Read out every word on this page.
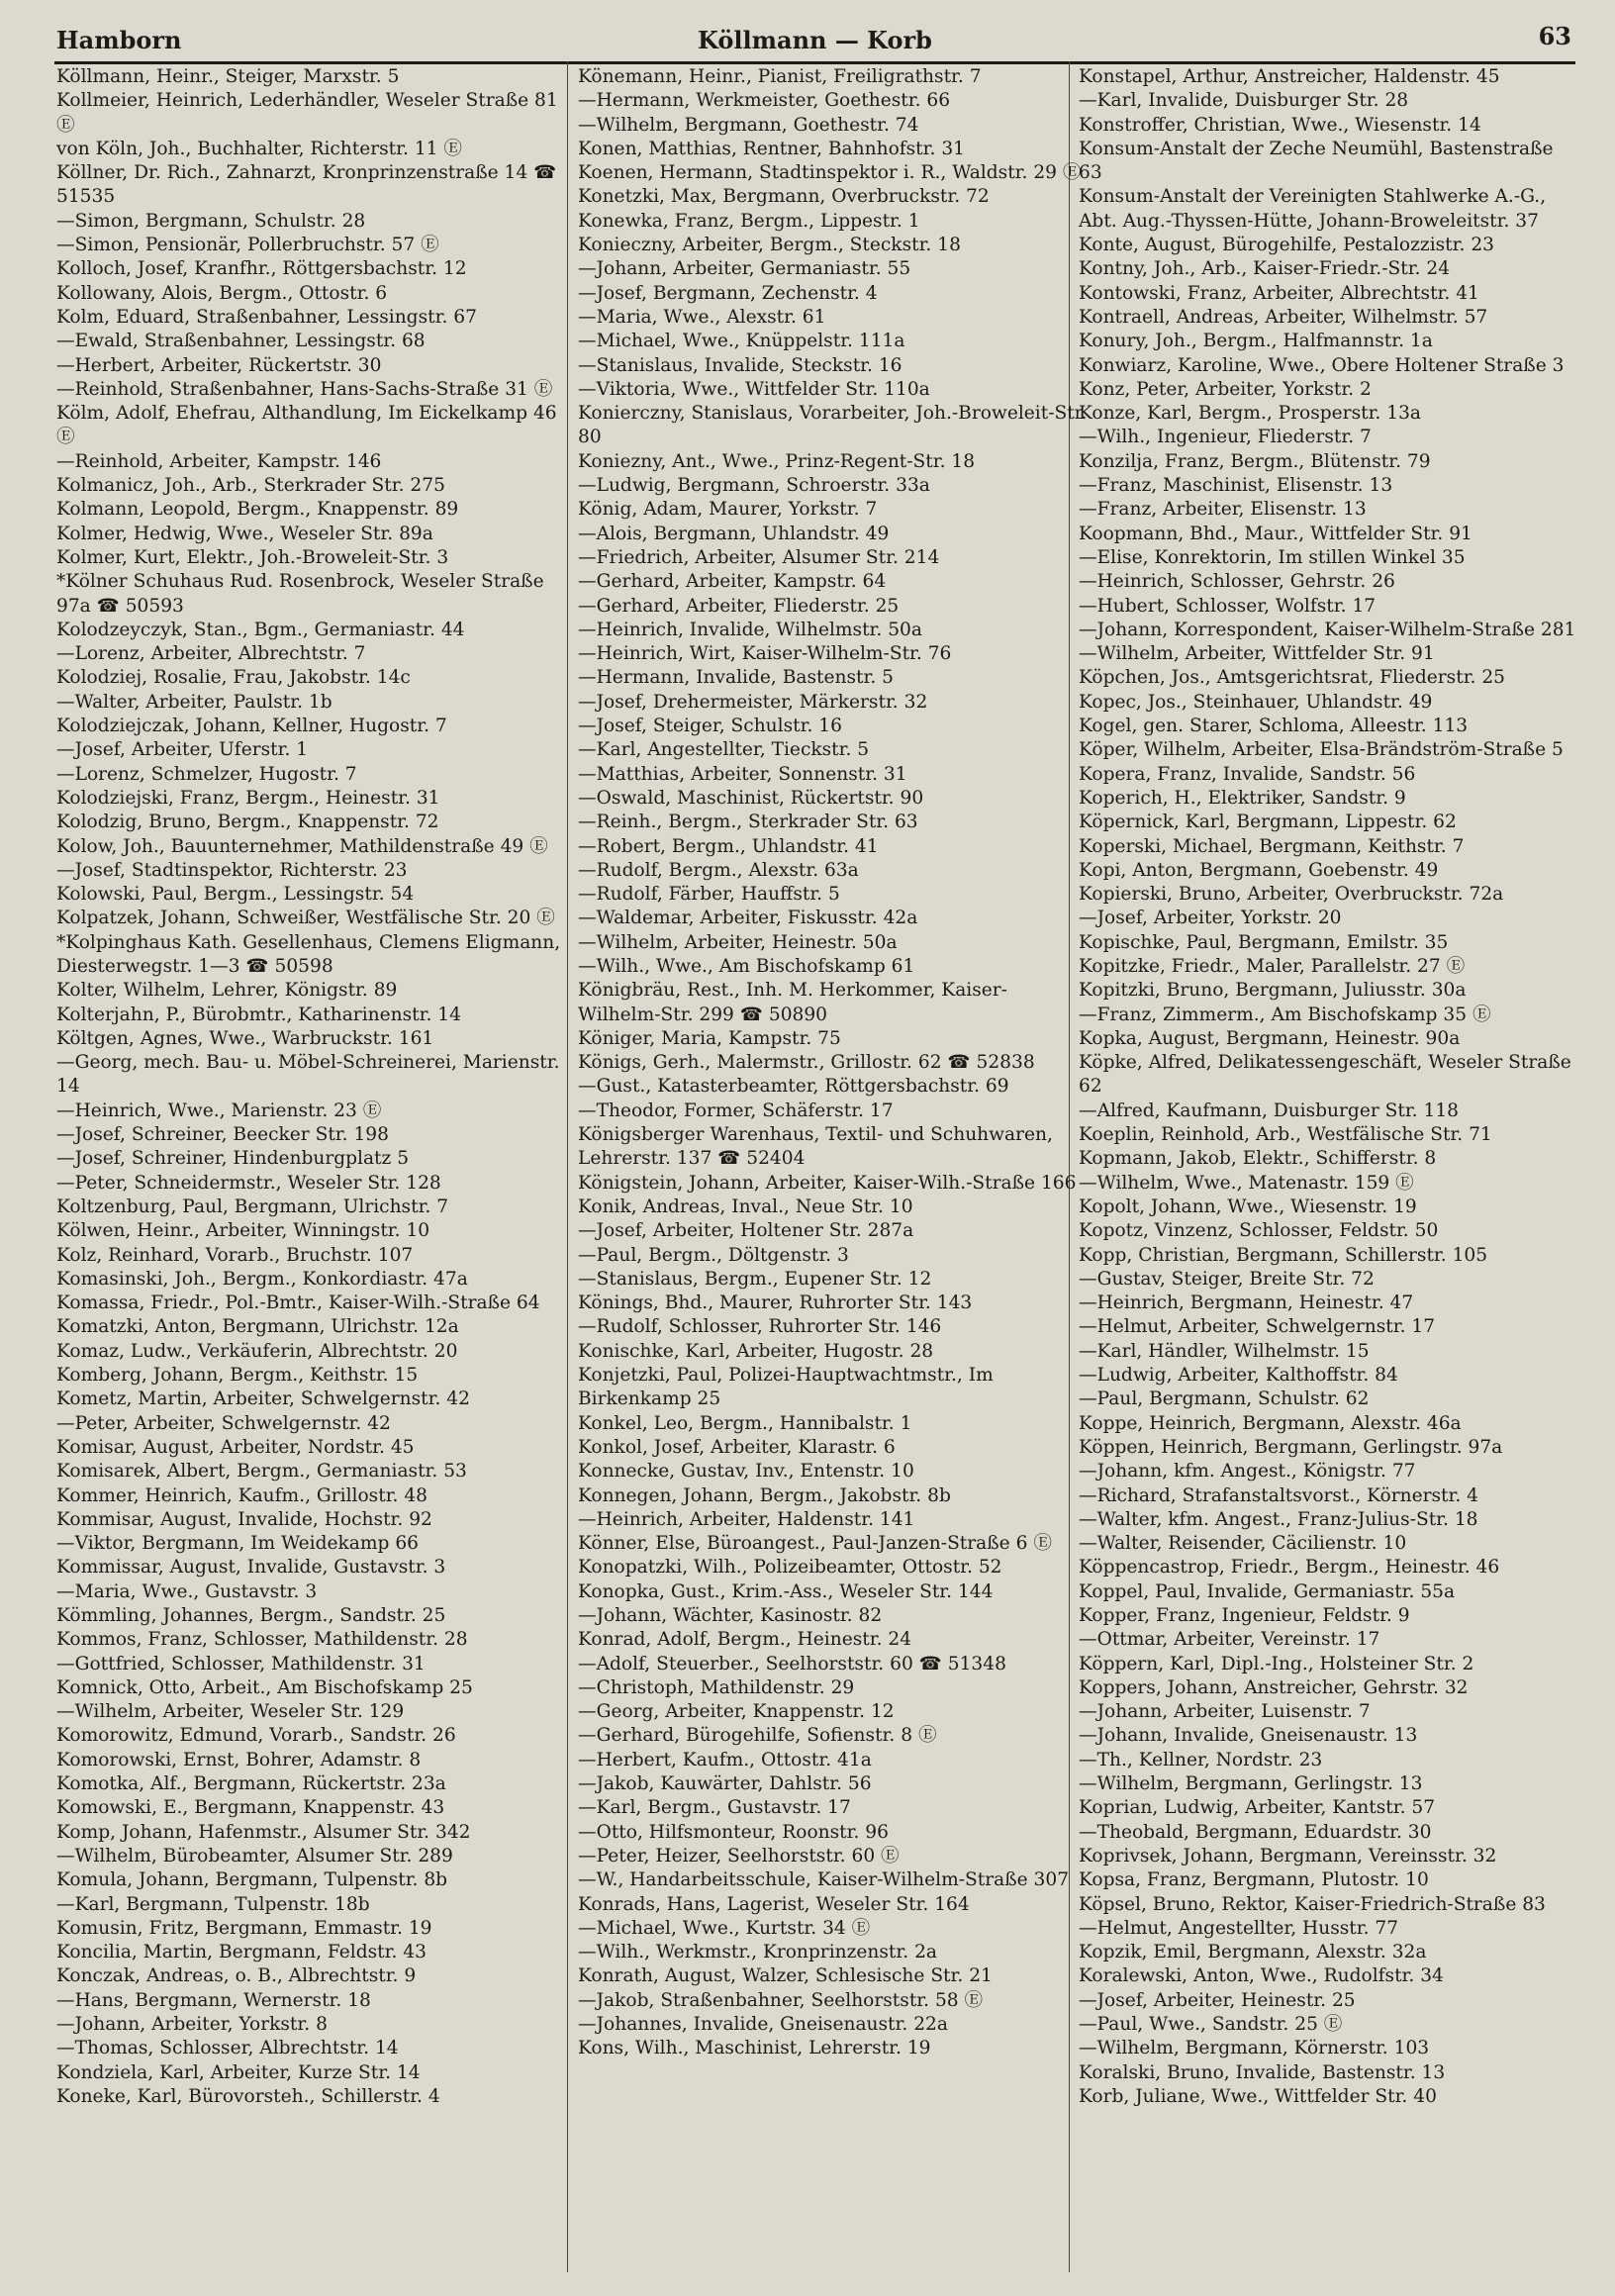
Hamborn	Köllmann — Korb	63
Köllmann, Heinr., Steiger, Marxstr. 5
Kollmeier, Heinrich, Lederhändler, Weseler Straße 81 Ⓔ
von Köln, Joh., Buchhalter, Richterstr. 11 Ⓔ
Köllner, Dr. Rich., Zahnarzt, Kronprinzenstraße 14 ☎ 51535
—Simon, Bergmann, Schulstr. 28
—Simon, Pensionär, Pollerbruchstr. 57 Ⓔ
Kolloch, Josef, Kranfhr., Röttgersbachstr. 12
Kollowany, Alois, Bergm., Ottostr. 6
Kolm, Eduard, Straßenbahner, Lessingstr. 67
—Ewald, Straßenbahner, Lessingstr. 68
—Herbert, Arbeiter, Rückertstr. 30
—Reinhold, Straßenbahner, Hans-Sachs-Straße 31 Ⓔ
Kölm, Adolf, Ehefrau, Althandlung, Im Eickelkamp 46 Ⓔ
—Reinhold, Arbeiter, Kampstr. 146
Kolmanicz, Joh., Arb., Sterkrader Str. 275
Kolmann, Leopold, Bergm., Knappenstr. 89
Kolmer, Hedwig, Wwe., Weseler Str. 89a
Kolmer, Kurt, Elektr., Joh.-Broweleit-Str. 3
*Kölner Schuhaus Rud. Rosenbrock, Weseler Straße 97a ☎ 50593
Kolodzeyczyk, Stan., Bgm., Germaniastr. 44
—Lorenz, Arbeiter, Albrechtstr. 7
Kolodziej, Rosalie, Frau, Jakobstr. 14c
—Walter, Arbeiter, Paulstr. 1b
Kolodziejczak, Johann, Kellner, Hugostr. 7
—Josef, Arbeiter, Uferstr. 1
—Lorenz, Schmelzer, Hugostr. 7
Kolodziejski, Franz, Bergm., Heinestr. 31
Kolodzig, Bruno, Bergm., Knappenstr. 72
Kolow, Joh., Bauunternehmer, Mathildenstraße 49 Ⓔ
—Josef, Stadtinspektor, Richterstr. 23
Kolowski, Paul, Bergm., Lessingstr. 54
Kolpatzek, Johann, Schweißer, Westfälische Str. 20 Ⓔ
*Kolpinghaus Kath. Gesellenhaus, Clemens Eligmann, Diesterwegstr. 1—3 ☎ 50598
Kolter, Wilhelm, Lehrer, Königstr. 89
Kolterjahn, P., Bürobmtr., Katharinenstr. 14
Költgen, Agnes, Wwe., Warbruckstr. 161
—Georg, mech. Bau- u. Möbel-Schreinerei, Marienstr. 14
—Heinrich, Wwe., Marienstr. 23 Ⓔ
—Josef, Schreiner, Beecker Str. 198
—Josef, Schreiner, Hindenburgplatz 5
—Peter, Schneidermstr., Weseler Str. 128
Koltzenburg, Paul, Bergmann, Ulrichstr. 7
Kölwen, Heinr., Arbeiter, Winningstr. 10
Kolz, Reinhard, Vorarb., Bruchstr. 107
Komasinski, Joh., Bergm., Konkordiastr. 47a
Komassa, Friedr., Pol.-Bmtr., Kaiser-Wilh.-Straße 64
Komatzki, Anton, Bergmann, Ulrichstr. 12a
Komaz, Ludw., Verkäuferin, Albrechtstr. 20
Komberg, Johann, Bergm., Keithstr. 15
Kometz, Martin, Arbeiter, Schwelgernstr. 42
—Peter, Arbeiter, Schwelgernstr. 42
Komisar, August, Arbeiter, Nordstr. 45
Komisarek, Albert, Bergm., Germaniastr. 53
Kommer, Heinrich, Kaufm., Grillostr. 48
Kommisar, August, Invalide, Hochstr. 92
—Viktor, Bergmann, Im Weidekamp 66
Kommissar, August, Invalide, Gustavstr. 3
—Maria, Wwe., Gustavstr. 3
Kömmling, Johannes, Bergm., Sandstr. 25
Kommos, Franz, Schlosser, Mathildenstr. 28
—Gottfried, Schlosser, Mathildenstr. 31
Komnick, Otto, Arbeit., Am Bischofskamp 25
—Wilhelm, Arbeiter, Weseler Str. 129
Komorowitz, Edmund, Vorarb., Sandstr. 26
Komorowski, Ernst, Bohrer, Adamstr. 8
Komotka, Alf., Bergmann, Rückertstr. 23a
Komowski, E., Bergmann, Knappenstr. 43
Komp, Johann, Hafenmstr., Alsumer Str. 342
—Wilhelm, Bürobeamter, Alsumer Str. 289
Komula, Johann, Bergmann, Tulpenstr. 8b
—Karl, Bergmann, Tulpenstr. 18b
Komusin, Fritz, Bergmann, Emmastr. 19
Koncilia, Martin, Bergmann, Feldstr. 43
Konczak, Andreas, o. B., Albrechtstr. 9
—Hans, Bergmann, Wernerstr. 18
—Johann, Arbeiter, Yorkstr. 8
—Thomas, Schlosser, Albrechtstr. 14
Kondziela, Karl, Arbeiter, Kurze Str. 14
Koneke, Karl, Bürovorsteh., Schillerstr. 4
Könemann, Heinr., Pianist, Freiligrathstr. 7
—Hermann, Werkmeister, Goethestr. 66
—Wilhelm, Bergmann, Goethestr. 74
Konen, Matthias, Rentner, Bahnhofstr. 31
Koenen, Hermann, Stadtinspektor i. R., Waldstr. 29 Ⓔ
Konetzki, Max, Bergmann, Overbruckstr. 72
Konewka, Franz, Bergm., Lippestr. 1
Konieczny, Arbeiter, Bergm., Steckstr. 18
—Johann, Arbeiter, Germaniastr. 55
—Josef, Bergmann, Zechenstr. 4
—Maria, Wwe., Alexstr. 61
—Michael, Wwe., Knüppelstr. 111a
—Stanislaus, Invalide, Steckstr. 16
—Viktoria, Wwe., Wittfelder Str. 110a
Konierczny, Stanislaus, Vorarbeiter, Joh.-Broweleit-Str. 80
Koniezny, Ant., Wwe., Prinz-Regent-Str. 18
—Ludwig, Bergmann, Schroerstr. 33a
König, Adam, Maurer, Yorkstr. 7
—Alois, Bergmann, Uhlandstr. 49
—Friedrich, Arbeiter, Alsumer Str. 214
—Gerhard, Arbeiter, Kampstr. 64
—Gerhard, Arbeiter, Fliederstr. 25
—Heinrich, Invalide, Wilhelmstr. 50a
—Heinrich, Wirt, Kaiser-Wilhelm-Str. 76
—Hermann, Invalide, Bastenstr. 5
—Josef, Drehermeister, Märkerstr. 32
—Josef, Steiger, Schulstr. 16
—Karl, Angestellter, Tieckstr. 5
—Matthias, Arbeiter, Sonnenstr. 31
—Oswald, Maschinist, Rückertstr. 90
—Reinh., Bergm., Sterkrader Str. 63
—Robert, Bergm., Uhlandstr. 41
—Rudolf, Bergm., Alexstr. 63a
—Rudolf, Färber, Hauffstr. 5
—Waldemar, Arbeiter, Fiskusstr. 42a
—Wilhelm, Arbeiter, Heinestr. 50a
—Wilh., Wwe., Am Bischofskamp 61
Königbräu, Rest., Inh. M. Herkommer, Kaiser-Wilhelm-Str. 299 ☎ 50890
Königer, Maria, Kampstr. 75
Königs, Gerh., Malermstr., Grillostr. 62 ☎ 52838
—Gust., Katasterbeamter, Röttgersbachstr. 69
—Theodor, Former, Schäferstr. 17
Königsberger Warenhaus, Textil- und Schuhwaren, Lehrerstr. 137 ☎ 52404
Königstein, Johann, Arbeiter, Kaiser-Wilh.-Straße 166
Konik, Andreas, Inval., Neue Str. 10
—Josef, Arbeiter, Holtener Str. 287a
—Paul, Bergm., Döltgenstr. 3
—Stanislaus, Bergm., Eupener Str. 12
Könings, Bhd., Maurer, Ruhrorter Str. 143
—Rudolf, Schlosser, Ruhrorter Str. 146
Konischke, Karl, Arbeiter, Hugostr. 28
Konjetzki, Paul, Polizei-Hauptwachtmstr., Im Birkenkamp 25
Konkel, Leo, Bergm., Hannibalstr. 1
Konkol, Josef, Arbeiter, Klarastr. 6
Konnecke, Gustav, Inv., Entenstr. 10
Konnegen, Johann, Bergm., Jakobstr. 8b
—Heinrich, Arbeiter, Haldenstr. 141
Könner, Else, Büroangest., Paul-Janzen-Straße 6 Ⓔ
Konopatzki, Wilh., Polizeibeamter, Ottostr. 52
Konopka, Gust., Krim.-Ass., Weseler Str. 144
—Johann, Wächter, Kasinostr. 82
Konrad, Adolf, Bergm., Heinestr. 24
—Adolf, Steuerber., Seelhorststr. 60 ☎ 51348
—Christoph, Mathildenstr. 29
—Georg, Arbeiter, Knappenstr. 12
—Gerhard, Bürogehilfe, Sofienstr. 8 Ⓔ
—Herbert, Kaufm., Ottostr. 41a
—Jakob, Kauwärter, Dahlstr. 56
—Karl, Bergm., Gustavstr. 17
—Otto, Hilfsmonteur, Roonstr. 96
—Peter, Heizer, Seelhorststr. 60 Ⓔ
—W., Handarbeitsschule, Kaiser-Wilhelm-Straße 307
Konrads, Hans, Lagerist, Weseler Str. 164
—Michael, Wwe., Kurtstr. 34 Ⓔ
—Wilh., Werkmstr., Kronprinzenstr. 2a
Konrath, August, Walzer, Schlesische Str. 21
—Jakob, Straßenbahner, Seelhorststr. 58 Ⓔ
—Johannes, Invalide, Gneisenaustr. 22a
Kons, Wilh., Maschinist, Lehrerstr. 19
Konstapel, Arthur, Anstreicher, Haldenstr. 45
—Karl, Invalide, Duisburger Str. 28
Konstroffer, Christian, Wwe., Wiesenstr. 14
Konsum-Anstalt der Zeche Neumühl, Bastenstraße 63
Konsum-Anstalt der Vereinigten Stahlwerke A.-G., Abt. Aug.-Thyssen-Hütte, Johann-Broweleitstr. 37
Konte, August, Bürogehilfe, Pestalozzistr. 23
Kontny, Joh., Arb., Kaiser-Friedr.-Str. 24
Kontowski, Franz, Arbeiter, Albrechtstr. 41
Kontraell, Andreas, Arbeiter, Wilhelmstr. 57
Konury, Joh., Bergm., Halfmannstr. 1a
Konwiarz, Karoline, Wwe., Obere Holtener Straße 3
Konz, Peter, Arbeiter, Yorkstr. 2
Konze, Karl, Bergm., Prosperstr. 13a
—Wilh., Ingenieur, Fliederstr. 7
Konzilja, Franz, Bergm., Blütenstr. 79
—Franz, Maschinist, Elisenstr. 13
—Franz, Arbeiter, Elisenstr. 13
Koopmann, Bhd., Maur., Wittfelder Str. 91
—Elise, Konrektorin, Im stillen Winkel 35
—Heinrich, Schlosser, Gehrstr. 26
—Hubert, Schlosser, Wolfstr. 17
—Johann, Korrespondent, Kaiser-Wilhelm-Straße 281
—Wilhelm, Arbeiter, Wittfelder Str. 91
Köpchen, Jos., Amtsgerichtsrat, Fliederstr. 25
Kopec, Jos., Steinhauer, Uhlandstr. 49
Kogel, gen. Starer, Schloma, Alleestr. 113
Köper, Wilhelm, Arbeiter, Elsa-Brändström-Straße 5
Kopera, Franz, Invalide, Sandstr. 56
Koperich, H., Elektriker, Sandstr. 9
Köpernick, Karl, Bergmann, Lippestr. 62
Koperski, Michael, Bergmann, Keithstr. 7
Kopi, Anton, Bergmann, Goebenstr. 49
Kopierski, Bruno, Arbeiter, Overbruckstr. 72a
—Josef, Arbeiter, Yorkstr. 20
Kopischke, Paul, Bergmann, Emilstr. 35
Kopitzke, Friedr., Maler, Parallelstr. 27 Ⓔ
Kopitzki, Bruno, Bergmann, Juliusstr. 30a
—Franz, Zimmerm., Am Bischofskamp 35 Ⓔ
Kopka, August, Bergmann, Heinestr. 90a
Köpke, Alfred, Delikatessengeschäft, Weseler Straße 62
—Alfred, Kaufmann, Duisburger Str. 118
Koeplin, Reinhold, Arb., Westfälische Str. 71
Kopmann, Jakob, Elektr., Schifferstr. 8
—Wilhelm, Wwe., Matenastr. 159 Ⓔ
Kopolt, Johann, Wwe., Wiesenstr. 19
Kopotz, Vinzenz, Schlosser, Feldstr. 50
Kopp, Christian, Bergmann, Schillerstr. 105
—Gustav, Steiger, Breite Str. 72
—Heinrich, Bergmann, Heinestr. 47
—Helmut, Arbeiter, Schwelgernstr. 17
—Karl, Händler, Wilhelmstr. 15
—Ludwig, Arbeiter, Kalthoffstr. 84
—Paul, Bergmann, Schulstr. 62
Koppe, Heinrich, Bergmann, Alexstr. 46a
Köppen, Heinrich, Bergmann, Gerlingstr. 97a
—Johann, kfm. Angest., Königstr. 77
—Richard, Strafanstaltsvorst., Körnerstr. 4
—Walter, kfm. Angest., Franz-Julius-Str. 18
—Walter, Reisender, Cäcilienstr. 10
Köppencastrop, Friedr., Bergm., Heinestr. 46
Koppel, Paul, Invalide, Germaniastr. 55a
Kopper, Franz, Ingenieur, Feldstr. 9
—Ottmar, Arbeiter, Vereinstr. 17
Köppern, Karl, Dipl.-Ing., Holsteiner Str. 2
Koppers, Johann, Anstreicher, Gehrstr. 32
—Johann, Arbeiter, Luisenstr. 7
—Johann, Invalide, Gneisenaustr. 13
—Th., Kellner, Nordstr. 23
—Wilhelm, Bergmann, Gerlingstr. 13
Koprian, Ludwig, Arbeiter, Kantstr. 57
—Theobald, Bergmann, Eduardstr. 30
Koprivsek, Johann, Bergmann, Vereinsstr. 32
Kopsa, Franz, Bergmann, Plutostr. 10
Köpsel, Bruno, Rektor, Kaiser-Friedrich-Straße 83
—Helmut, Angestellter, Husstr. 77
Kopzik, Emil, Bergmann, Alexstr. 32a
Koralewski, Anton, Wwe., Rudolfstr. 34
—Josef, Arbeiter, Heinestr. 25
—Paul, Wwe., Sandstr. 25 Ⓔ
—Wilhelm, Bergmann, Körnerstr. 103
Koralski, Bruno, Invalide, Bastenstr. 13
Korb, Juliane, Wwe., Wittfelder Str. 40
